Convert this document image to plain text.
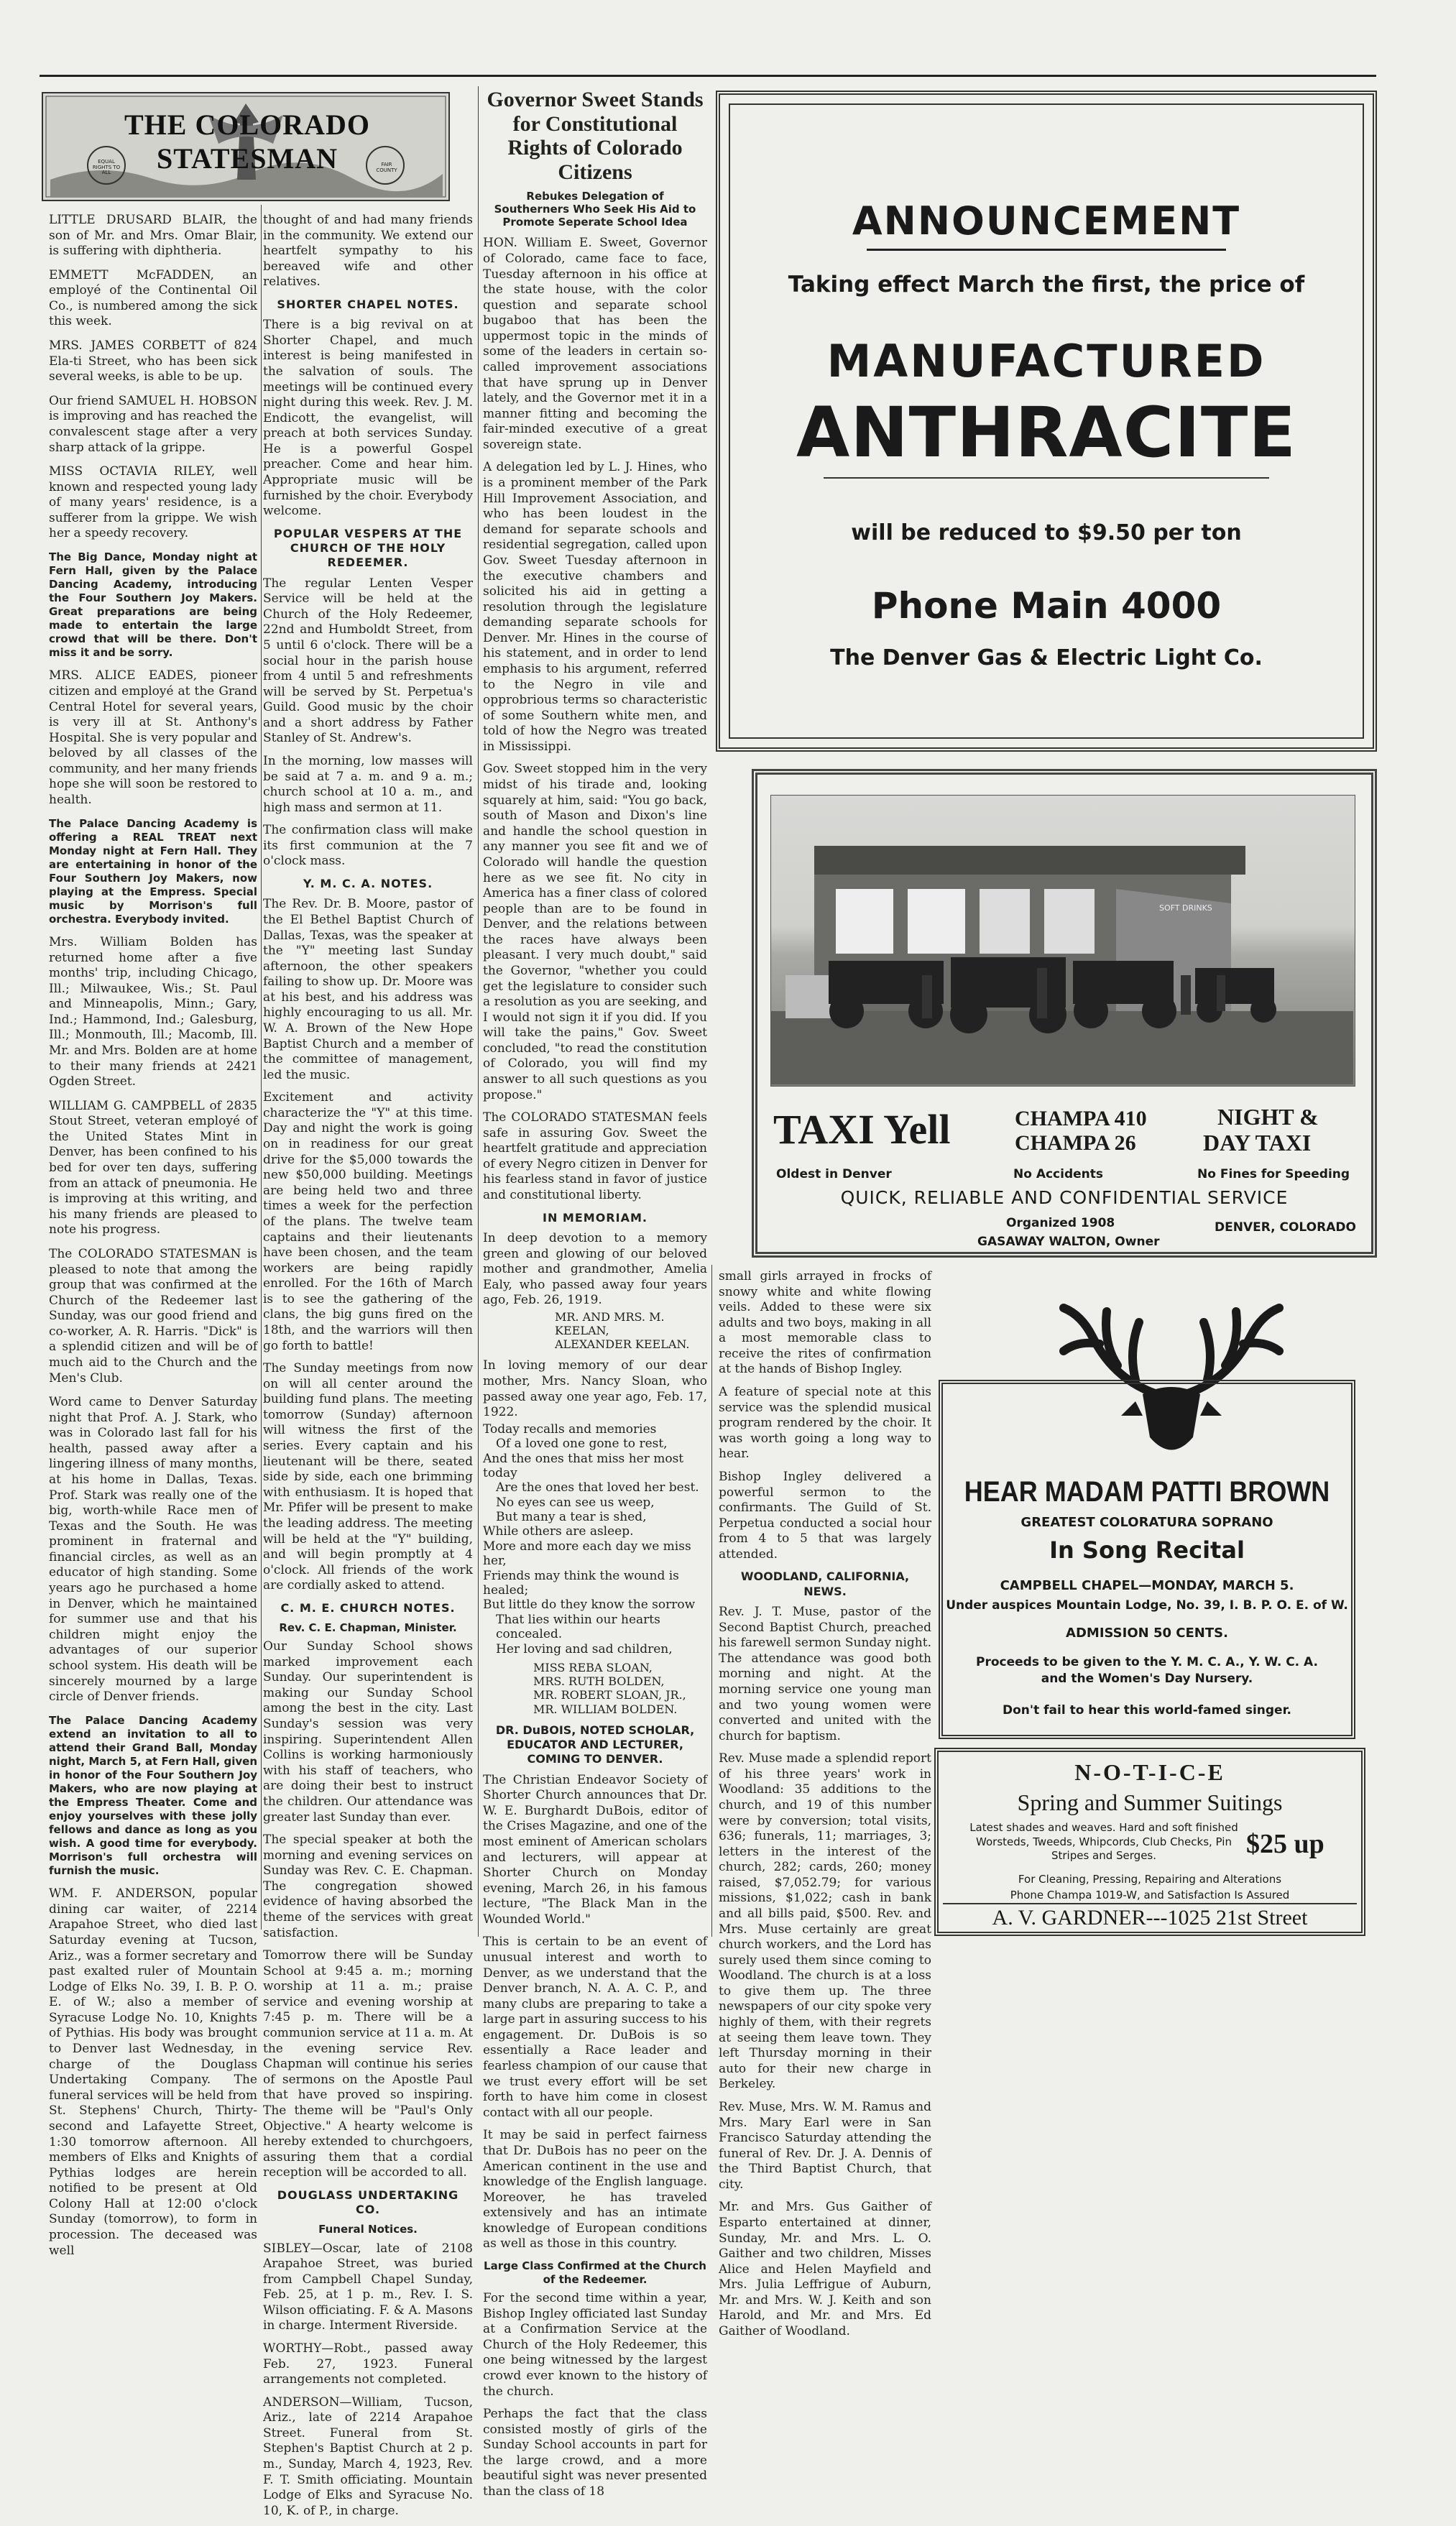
THE COLORADO STATESMAN
EQUAL RIGHTS TO ALL
FAIR COUNTY

LITTLE DRUSARD BLAIR, the son of Mr. and Mrs. Omar Blair, is suffering with diphtheria.

EMMETT McFADDEN, an employé of the Continental Oil Co., is numbered among the sick this week.

MRS. JAMES CORBETT of 824 Ela-ti Street, who has been sick several weeks, is able to be up.

Our friend SAMUEL H. HOBSON is improving and has reached the convalescent stage after a very sharp attack of la grippe.

MISS OCTAVIA RILEY, well known and respected young lady of many years' residence, is a sufferer from la grippe. We wish her a speedy recovery.

The Big Dance, Monday night at Fern Hall, given by the Palace Dancing Academy, introducing the Four Southern Joy Makers. Great preparations are being made to entertain the large crowd that will be there. Don't miss it and be sorry.

MRS. ALICE EADES, pioneer citizen and employé at the Grand Central Hotel for several years, is very ill at St. Anthony's Hospital. She is very popular and beloved by all classes of the community, and her many friends hope she will soon be restored to health.

The Palace Dancing Academy is offering a REAL TREAT next Monday night at Fern Hall. They are entertaining in honor of the Four Southern Joy Makers, now playing at the Empress. Special music by Morrison's full orchestra. Everybody invited.

Mrs. William Bolden has returned home after a five months' trip, including Chicago, Ill.; Milwaukee, Wis.; St. Paul and Minneapolis, Minn.; Gary, Ind.; Hammond, Ind.; Galesburg, Ill.; Monmouth, Ill.; Macomb, Ill. Mr. and Mrs. Bolden are at home to their many friends at 2421 Ogden Street.

WILLIAM G. CAMPBELL of 2835 Stout Street, veteran employé of the United States Mint in Denver, has been confined to his bed for over ten days, suffering from an attack of pneumonia. He is improving at this writing, and his many friends are pleased to note his progress.

The COLORADO STATESMAN is pleased to note that among the group that was confirmed at the Church of the Redeemer last Sunday, was our good friend and co-worker, A. R. Harris. "Dick" is a splendid citizen and will be of much aid to the Church and the Men's Club.

Word came to Denver Saturday night that Prof. A. J. Stark, who was in Colorado last fall for his health, passed away after a lingering illness of many months, at his home in Dallas, Texas. Prof. Stark was really one of the big, worth-while Race men of Texas and the South. He was prominent in fraternal and financial circles, as well as an educator of high standing. Some years ago he purchased a home in Denver, which he maintained for summer use and that his children might enjoy the advantages of our superior school system. His death will be sincerely mourned by a large circle of Denver friends.

The Palace Dancing Academy extend an invitation to all to attend their Grand Ball, Monday night, March 5, at Fern Hall, given in honor of the Four Southern Joy Makers, who are now playing at the Empress Theater. Come and enjoy yourselves with these jolly fellows and dance as long as you wish. A good time for everybody. Morrison's full orchestra will furnish the music.

WM. F. ANDERSON, popular dining car waiter, of 2214 Arapahoe Street, who died last Saturday evening at Tucson, Ariz., was a former secretary and past exalted ruler of Mountain Lodge of Elks No. 39, I. B. P. O. E. of W.; also a member of Syracuse Lodge No. 10, Knights of Pythias. His body was brought to Denver last Wednesday, in charge of the Douglass Undertaking Company. The funeral services will be held from St. Stephens' Church, Thirty-second and Lafayette Street, 1:30 tomorrow afternoon. All members of Elks and Knights of Pythias lodges are herein notified to be present at Old Colony Hall at 12:00 o'clock Sunday (tomorrow), to form in procession. The deceased was well

thought of and had many friends in the community. We extend our heartfelt sympathy to his bereaved wife and other relatives.

SHORTER CHAPEL NOTES.

There is a big revival on at Shorter Chapel, and much interest is being manifested in the salvation of souls. The meetings will be continued every night during this week. Rev. J. M. Endicott, the evangelist, will preach at both services Sunday. He is a powerful Gospel preacher. Come and hear him. Appropriate music will be furnished by the choir. Everybody welcome.

POPULAR VESPERS AT THE CHURCH OF THE HOLY REDEEMER.

The regular Lenten Vesper Service will be held at the Church of the Holy Redeemer, 22nd and Humboldt Street, from 5 until 6 o'clock. There will be a social hour in the parish house from 4 until 5 and refreshments will be served by St. Perpetua's Guild. Good music by the choir and a short address by Father Stanley of St. Andrew's.

In the morning, low masses will be said at 7 a. m. and 9 a. m.; church school at 10 a. m., and high mass and sermon at 11.

The confirmation class will make its first communion at the 7 o'clock mass.

Y. M. C. A. NOTES.

The Rev. Dr. B. Moore, pastor of the El Bethel Baptist Church of Dallas, Texas, was the speaker at the "Y" meeting last Sunday afternoon, the other speakers failing to show up. Dr. Moore was at his best, and his address was highly encouraging to us all. Mr. W. A. Brown of the New Hope Baptist Church and a member of the committee of management, led the music.

Excitement and activity characterize the "Y" at this time. Day and night the work is going on in readiness for our great drive for the $5,000 towards the new $50,000 building. Meetings are being held two and three times a week for the perfection of the plans. The twelve team captains and their lieutenants have been chosen, and the team workers are being rapidly enrolled. For the 16th of March is to see the gathering of the clans, the big guns fired on the 18th, and the warriors will then go forth to battle!

The Sunday meetings from now on will all center around the building fund plans. The meeting tomorrow (Sunday) afternoon will witness the first of the series. Every captain and his lieutenant will be there, seated side by side, each one brimming with enthusiasm. It is hoped that Mr. Pfifer will be present to make the leading address. The meeting will be held at the "Y" building, and will begin promptly at 4 o'clock. All friends of the work are cordially asked to attend.

C. M. E. CHURCH NOTES.
Rev. C. E. Chapman, Minister.

Our Sunday School shows marked improvement each Sunday. Our superintendent is making our Sunday School among the best in the city. Last Sunday's session was very inspiring. Superintendent Allen Collins is working harmoniously with his staff of teachers, who are doing their best to instruct the children. Our attendance was greater last Sunday than ever.

The special speaker at both the morning and evening services on Sunday was Rev. C. E. Chapman. The congregation showed evidence of having absorbed the theme of the services with great satisfaction.

Tomorrow there will be Sunday School at 9:45 a. m.; morning worship at 11 a. m.; praise service and evening worship at 7:45 p. m. There will be a communion service at 11 a. m. At the evening service Rev. Chapman will continue his series of sermons on the Apostle Paul that have proved so inspiring. The theme will be "Paul's Only Objective." A hearty welcome is hereby extended to churchgoers, assuring them that a cordial reception will be accorded to all.

DOUGLASS UNDERTAKING CO.
Funeral Notices.

SIBLEY—Oscar, late of 2108 Arapahoe Street, was buried from Campbell Chapel Sunday, Feb. 25, at 1 p. m., Rev. I. S. Wilson officiating. F. & A. Masons in charge. Interment Riverside.

WORTHY—Robt., passed away Feb. 27, 1923. Funeral arrangements not completed.

ANDERSON—William, Tucson, Ariz., late of 2214 Arapahoe Street. Funeral from St. Stephen's Baptist Church at 2 p. m., Sunday, March 4, 1923, Rev. F. T. Smith officiating. Mountain Lodge of Elks and Syracuse No. 10, K. of P., in charge.

Governor Sweet Stands for Constitutional Rights of Colorado Citizens
Rebukes Delegation of Southerners Who Seek His Aid to Promote Seperate School Idea

HON. William E. Sweet, Governor of Colorado, came face to face, Tuesday afternoon in his office at the state house, with the color question and separate school bugaboo that has been the uppermost topic in the minds of some of the leaders in certain so-called improvement associations that have sprung up in Denver lately, and the Governor met it in a manner fitting and becoming the fair-minded executive of a great sovereign state.

A delegation led by L. J. Hines, who is a prominent member of the Park Hill Improvement Association, and who has been loudest in the demand for separate schools and residential segregation, called upon Gov. Sweet Tuesday afternoon in the executive chambers and solicited his aid in getting a resolution through the legislature demanding separate schools for Denver. Mr. Hines in the course of his statement, and in order to lend emphasis to his argument, referred to the Negro in vile and opprobrious terms so characteristic of some Southern white men, and told of how the Negro was treated in Mississippi.

Gov. Sweet stopped him in the very midst of his tirade and, looking squarely at him, said: "You go back, south of Mason and Dixon's line and handle the school question in any manner you see fit and we of Colorado will handle the question here as we see fit. No city in America has a finer class of colored people than are to be found in Denver, and the relations between the races have always been pleasant. I very much doubt," said the Governor, "whether you could get the legislature to consider such a resolution as you are seeking, and I would not sign it if you did. If you will take the pains," Gov. Sweet concluded, "to read the constitution of Colorado, you will find my answer to all such questions as you propose."

The COLORADO STATESMAN feels safe in assuring Gov. Sweet the heartfelt gratitude and appreciation of every Negro citizen in Denver for his fearless stand in favor of justice and constitutional liberty.

IN MEMORIAM.

In deep devotion to a memory green and glowing of our beloved mother and grandmother, Amelia Ealy, who passed away four years ago, Feb. 26, 1919.

MR. AND MRS. M. KEELAN,
ALEXANDER KEELAN.

In loving memory of our dear mother, Mrs. Nancy Sloan, who passed away one year ago, Feb. 17, 1922.

Today recalls and memories
Of a loved one gone to rest,
And the ones that miss her most today
Are the ones that loved her best.
No eyes can see us weep,
But many a tear is shed,
While others are asleep.
More and more each day we miss her,
Friends may think the wound is healed;
But little do they know the sorrow
That lies within our hearts concealed.
Her loving and sad children,
MISS REBA SLOAN,
MRS. RUTH BOLDEN,
MR. ROBERT SLOAN, JR.,
MR. WILLIAM BOLDEN.
DR. DuBOIS, NOTED SCHOLAR, EDUCATOR AND LECTURER, COMING TO DENVER.

The Christian Endeavor Society of Shorter Church announces that Dr. W. E. Burghardt DuBois, editor of the Crises Magazine, and one of the most eminent of American scholars and lecturers, will appear at Shorter Church on Monday evening, March 26, in his famous lecture, "The Black Man in the Wounded World."

This is certain to be an event of unusual interest and worth to Denver, as we understand that the Denver branch, N. A. A. C. P., and many clubs are preparing to take a large part in assuring success to his engagement. Dr. DuBois is so essentially a Race leader and fearless champion of our cause that we trust every effort will be set forth to have him come in closest contact with all our people.

It may be said in perfect fairness that Dr. DuBois has no peer on the American continent in the use and knowledge of the English language. Moreover, he has traveled extensively and has an intimate knowledge of European conditions as well as those in this country.

Large Class Confirmed at the Church of the Redeemer.

For the second time within a year, Bishop Ingley officiated last Sunday at a Confirmation Service at the Church of the Holy Redeemer, this one being witnessed by the largest crowd ever known to the history of the church.

Perhaps the fact that the class consisted mostly of girls of the Sunday School accounts in part for the large crowd, and a more beautiful sight was never presented than the class of 18

small girls arrayed in frocks of snowy white and white flowing veils. Added to these were six adults and two boys, making in all a most memorable class to receive the rites of confirmation at the hands of Bishop Ingley.

A feature of special note at this service was the splendid musical program rendered by the choir. It was worth going a long way to hear.

Bishop Ingley delivered a powerful sermon to the confirmants. The Guild of St. Perpetua conducted a social hour from 4 to 5 that was largely attended.

WOODLAND, CALIFORNIA, NEWS.

Rev. J. T. Muse, pastor of the Second Baptist Church, preached his farewell sermon Sunday night. The attendance was good both morning and night. At the morning service one young man and two young women were converted and united with the church for baptism.

Rev. Muse made a splendid report of his three years' work in Woodland: 35 additions to the church, and 19 of this number were by conversion; total visits, 636; funerals, 11; marriages, 3; letters in the interest of the church, 282; cards, 260; money raised, $7,052.79; for various missions, $1,022; cash in bank and all bills paid, $500. Rev. and Mrs. Muse certainly are great church workers, and the Lord has surely used them since coming to Woodland. The church is at a loss to give them up. The three newspapers of our city spoke very highly of them, with their regrets at seeing them leave town. They left Thursday morning in their auto for their new charge in Berkeley.

Rev. Muse, Mrs. W. M. Ramus and Mrs. Mary Earl were in San Francisco Saturday attending the funeral of Rev. Dr. J. A. Dennis of the Third Baptist Church, that city.

Mr. and Mrs. Gus Gaither of Esparto entertained at dinner, Sunday, Mr. and Mrs. L. O. Gaither and two children, Misses Alice and Helen Mayfield and Mrs. Julia Leffrigue of Auburn, Mr. and Mrs. W. J. Keith and son Harold, and Mr. and Mrs. Ed Gaither of Woodland.

ANNOUNCEMENT
Taking effect March the first, the price of
MANUFACTURED
ANTHRACITE
will be reduced to $9.50 per ton
Phone Main 4000
The Denver Gas & Electric Light Co.
SOFT DRINKS
TAXI Yell	CHAMPA 410
CHAMPA 26
NIGHT &
DAY TAXI
Oldest in Denver	No Accidents	No Fines for Speeding
QUICK, RELIABLE AND CONFIDENTIAL SERVICE
Organized 1908
GASAWAY WALTON, Owner
DENVER, COLORADO
HEAR MADAM PATTI BROWN
GREATEST COLORATURA SOPRANO
In Song Recital
CAMPBELL CHAPEL—MONDAY, MARCH 5.
Under auspices Mountain Lodge, No. 39, I. B. P. O. E. of W.
ADMISSION 50 CENTS.
Proceeds to be given to the Y. M. C. A., Y. W. C. A. and the Women's Day Nursery.
Don't fail to hear this world-famed singer.
N-O-T-I-C-E
Spring and Summer Suitings
Latest shades and weaves. Hard and soft finished Worsteds, Tweeds, Whipcords, Club Checks, Pin Stripes and Serges.	$25 up
For Cleaning, Pressing, Repairing and Alterations
Phone Champa 1019-W, and Satisfaction Is Assured
A. V. GARDNER---1025 21st Street
